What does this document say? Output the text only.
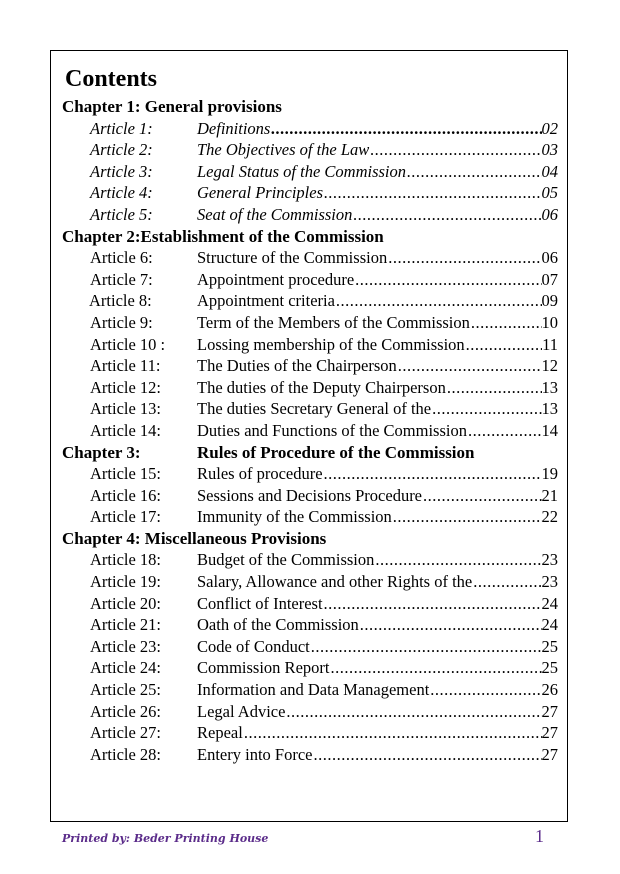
Contents
Chapter 1: General provisions
Article 1:	Definitions .....	02
Article 2:	The Objectives of the Law .....	03
Article 3:	Legal Status of the Commission .....	04
Article 4:	General Principles .....	05
Article 5:	Seat of the Commission .....	06
Chapter 2:Establishment of the Commission
Article 6:	Structure of the Commission .....	06
Article 7:	Appointment procedure .....	07
Article 8:	Appointment criteria .....	09
Article 9:	Term of the Members of the Commission .....	10
Article 10 : Lossing membership of the Commission .....	11
Article 11: The Duties of the Chairperson .....	12
Article 12: The duties of the Deputy Chairperson .....	13
Article 13: The duties Secretary General of the .....	13
Article 14: Duties and Functions of the Commission .....	14
Chapter 3:	Rules of Procedure of the Commission
Article 15: Rules of procedure .....	19
Article 16: Sessions and Decisions Procedure .....	21
Article 17: Immunity of the Commission .....	22
Chapter 4: Miscellaneous Provisions
Article 18: Budget of the Commission .....	23
Article 19: Salary, Allowance and other Rights of the .....	23
Article 20: Conflict of Interest .....	24
Article 21: Oath of the Commission .....	24
Article 23: Code of Conduct .....	25
Article 24: Commission Report .....	25
Article 25: Information and Data Management .....	26
Article 26: Legal Advice .....	27
Article 27: Repeal .....	27
Article 28: Entery into Force .....	27
Printed by: Beder Printing House	1
